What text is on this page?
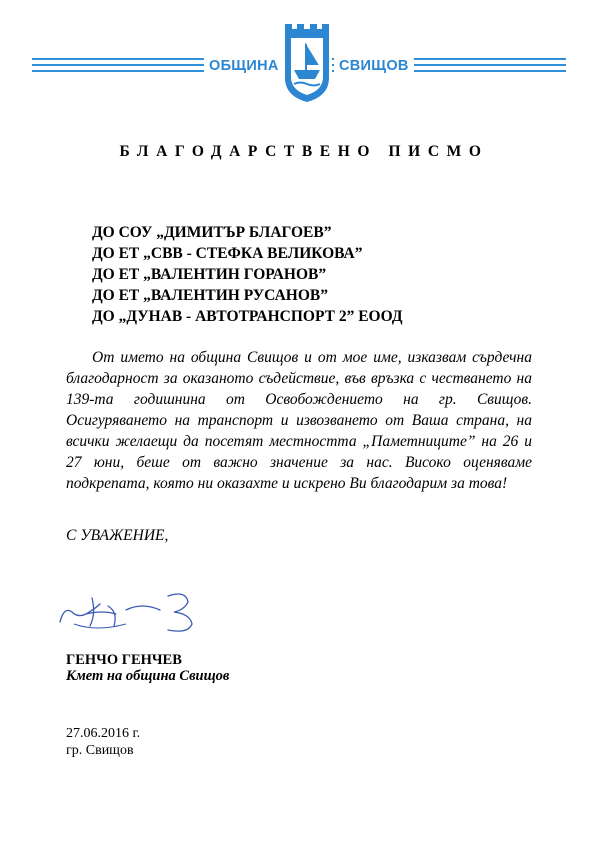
ОБЩИНА	СВИЩОВ
БЛАГОДАРСТВЕНО ПИСМО
ДО СОУ „ДИМИТЪР БЛАГОЕВ”
ДО ЕТ „СВВ - СТЕФКА ВЕЛИКОВА”
ДО ЕТ „ВАЛЕНТИН ГОРАНОВ”
ДО ЕТ „ВАЛЕНТИН РУСАНОВ”
ДО „ДУНАВ - АВТОТРАНСПОРТ 2” ЕООД

От името на община Свищов и от мое име, изказвам сърдечна благодарност за оказаното съдействие, във връзка с честването на 139-та годишнина от Освобождението на гр. Свищов. Осигуряването на транспорт и извозването от Ваша страна, на всички желаещи да посетят местността „Паметниците” на 26 и 27 юни, беше от важно значение за нас. Високо оценяваме подкрепата, която ни оказахте и искрено Ви благодарим за това!

С УВАЖЕНИЕ,

ГЕНЧО ГЕНЧЕВ

Кмет на община Свищов

27.06.2016 г.

гр. Свищов
